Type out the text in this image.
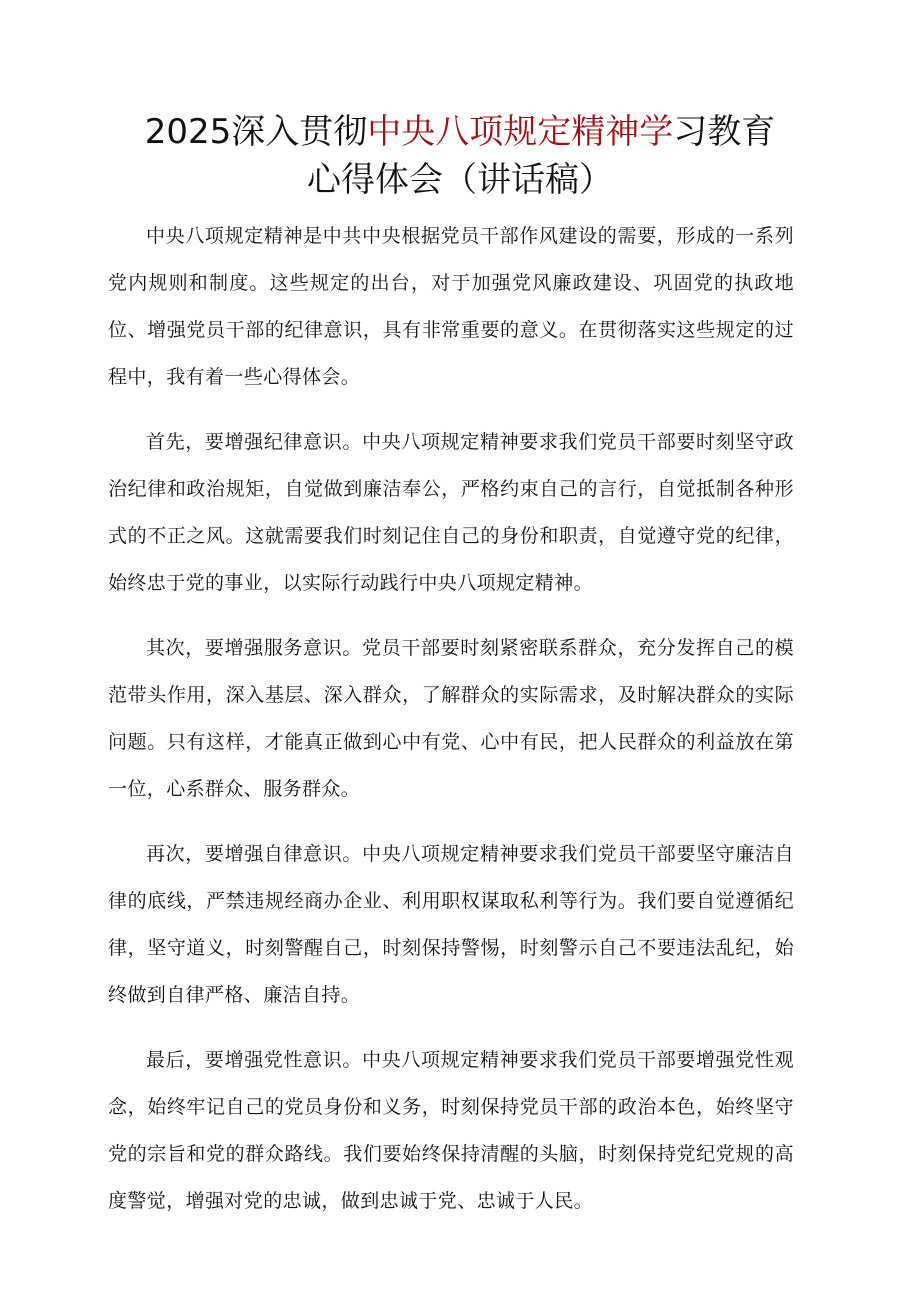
2025深入贯彻中央八项规定精神学习教育
心得体会（讲话稿）

中央八项规定精神是中共中央根据党员干部作风建设的需要，形成的一系列党内规则和制度。这些规定的出台，对于加强党风廉政建设、巩固党的执政地位、增强党员干部的纪律意识，具有非常重要的意义。在贯彻落实这些规定的过程中，我有着一些心得体会。

首先，要增强纪律意识。中央八项规定精神要求我们党员干部要时刻坚守政治纪律和政治规矩，自觉做到廉洁奉公，严格约束自己的言行，自觉抵制各种形式的不正之风。这就需要我们时刻记住自己的身份和职责，自觉遵守党的纪律，始终忠于党的事业，以实际行动践行中央八项规定精神。

其次，要增强服务意识。党员干部要时刻紧密联系群众，充分发挥自己的模范带头作用，深入基层、深入群众，了解群众的实际需求，及时解决群众的实际问题。只有这样，才能真正做到心中有党、心中有民，把人民群众的利益放在第一位，心系群众、服务群众。

再次，要增强自律意识。中央八项规定精神要求我们党员干部要坚守廉洁自律的底线，严禁违规经商办企业、利用职权谋取私利等行为。我们要自觉遵循纪律，坚守道义，时刻警醒自己，时刻保持警惕，时刻警示自己不要违法乱纪，始终做到自律严格、廉洁自持。

最后，要增强党性意识。中央八项规定精神要求我们党员干部要增强党性观念，始终牢记自己的党员身份和义务，时刻保持党员干部的政治本色，始终坚守党的宗旨和党的群众路线。我们要始终保持清醒的头脑，时刻保持党纪党规的高度警觉，增强对党的忠诚，做到忠诚于党、忠诚于人民。
